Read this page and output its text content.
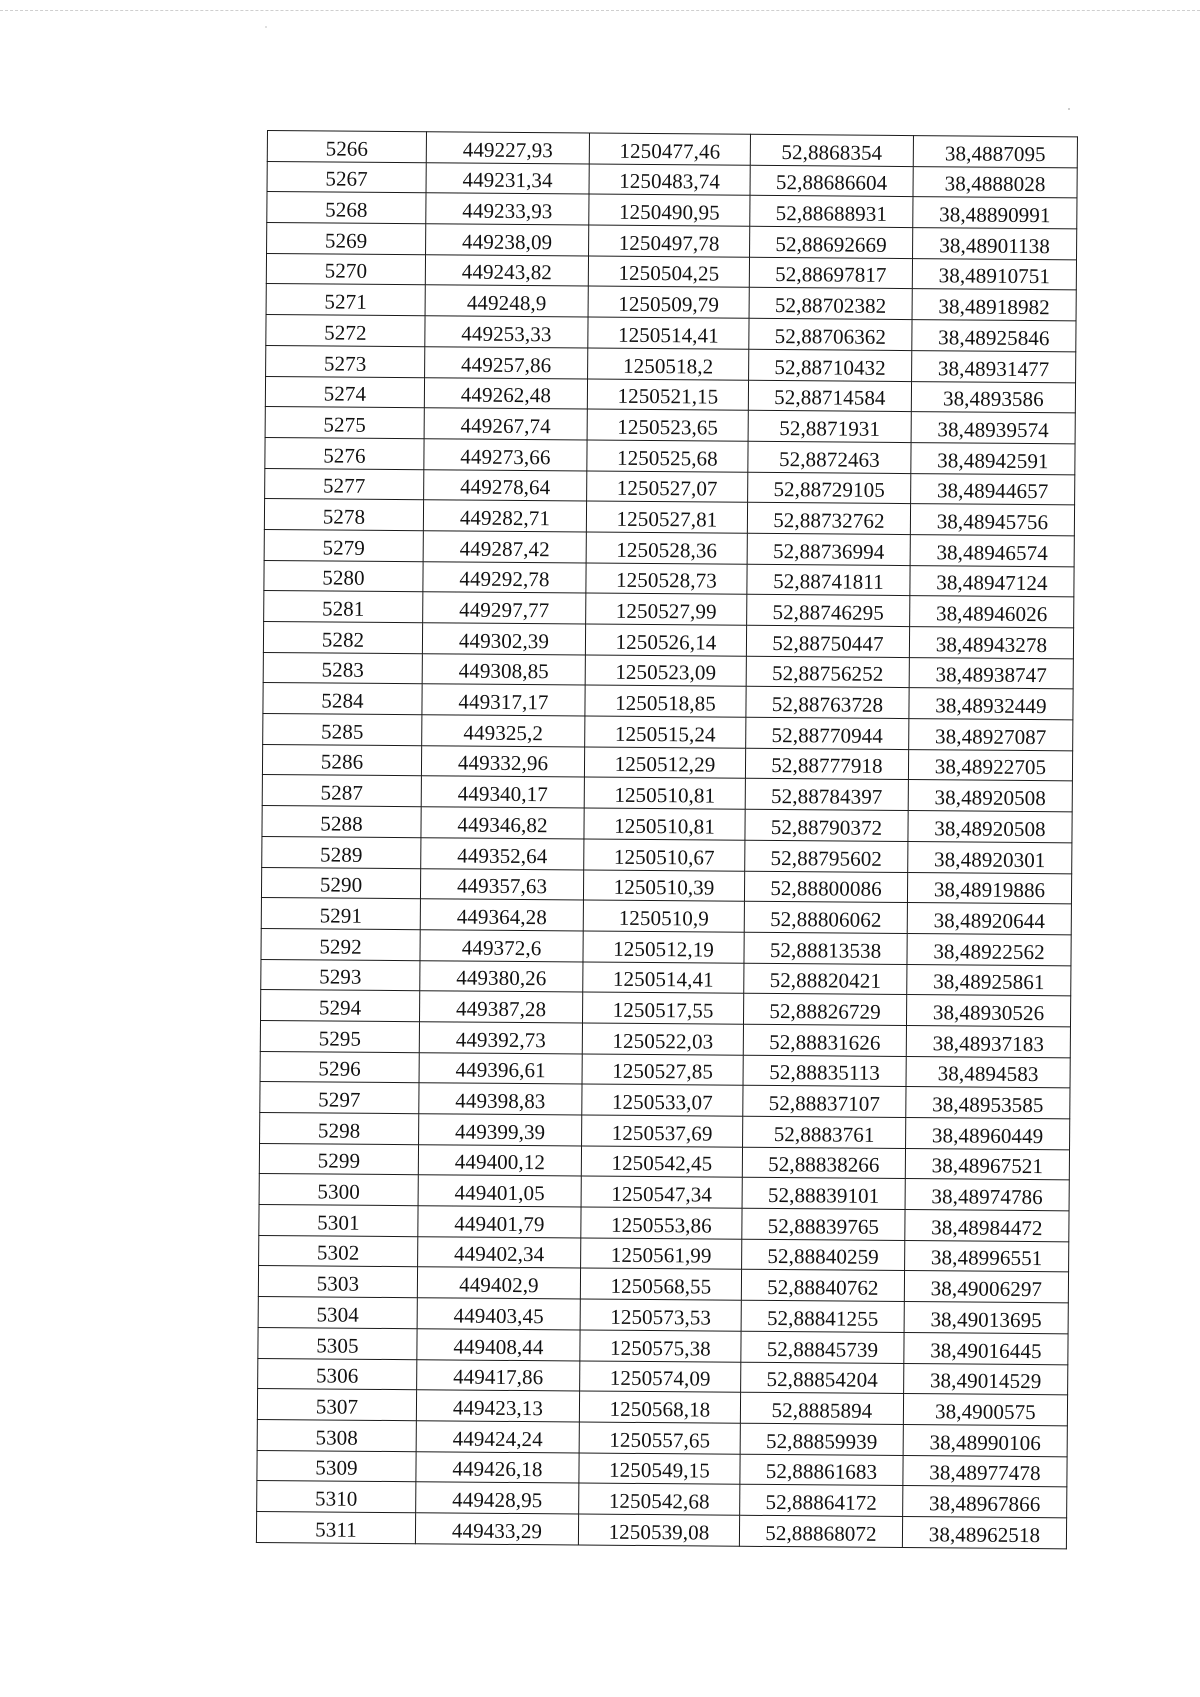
5266	449227,93	1250477,46	52,8868354	38,4887095
5267	449231,34	1250483,74	52,88686604	38,4888028
5268	449233,93	1250490,95	52,88688931	38,48890991
5269	449238,09	1250497,78	52,88692669	38,48901138
5270	449243,82	1250504,25	52,88697817	38,48910751
5271	449248,9	1250509,79	52,88702382	38,48918982
5272	449253,33	1250514,41	52,88706362	38,48925846
5273	449257,86	1250518,2	52,88710432	38,48931477
5274	449262,48	1250521,15	52,88714584	38,4893586
5275	449267,74	1250523,65	52,8871931	38,48939574
5276	449273,66	1250525,68	52,8872463	38,48942591
5277	449278,64	1250527,07	52,88729105	38,48944657
5278	449282,71	1250527,81	52,88732762	38,48945756
5279	449287,42	1250528,36	52,88736994	38,48946574
5280	449292,78	1250528,73	52,88741811	38,48947124
5281	449297,77	1250527,99	52,88746295	38,48946026
5282	449302,39	1250526,14	52,88750447	38,48943278
5283	449308,85	1250523,09	52,88756252	38,48938747
5284	449317,17	1250518,85	52,88763728	38,48932449
5285	449325,2	1250515,24	52,88770944	38,48927087
5286	449332,96	1250512,29	52,88777918	38,48922705
5287	449340,17	1250510,81	52,88784397	38,48920508
5288	449346,82	1250510,81	52,88790372	38,48920508
5289	449352,64	1250510,67	52,88795602	38,48920301
5290	449357,63	1250510,39	52,88800086	38,48919886
5291	449364,28	1250510,9	52,88806062	38,48920644
5292	449372,6	1250512,19	52,88813538	38,48922562
5293	449380,26	1250514,41	52,88820421	38,48925861
5294	449387,28	1250517,55	52,88826729	38,48930526
5295	449392,73	1250522,03	52,88831626	38,48937183
5296	449396,61	1250527,85	52,88835113	38,4894583
5297	449398,83	1250533,07	52,88837107	38,48953585
5298	449399,39	1250537,69	52,8883761	38,48960449
5299	449400,12	1250542,45	52,88838266	38,48967521
5300	449401,05	1250547,34	52,88839101	38,48974786
5301	449401,79	1250553,86	52,88839765	38,48984472
5302	449402,34	1250561,99	52,88840259	38,48996551
5303	449402,9	1250568,55	52,88840762	38,49006297
5304	449403,45	1250573,53	52,88841255	38,49013695
5305	449408,44	1250575,38	52,88845739	38,49016445
5306	449417,86	1250574,09	52,88854204	38,49014529
5307	449423,13	1250568,18	52,8885894	38,4900575
5308	449424,24	1250557,65	52,88859939	38,48990106
5309	449426,18	1250549,15	52,88861683	38,48977478
5310	449428,95	1250542,68	52,88864172	38,48967866
5311	449433,29	1250539,08	52,88868072	38,48962518
